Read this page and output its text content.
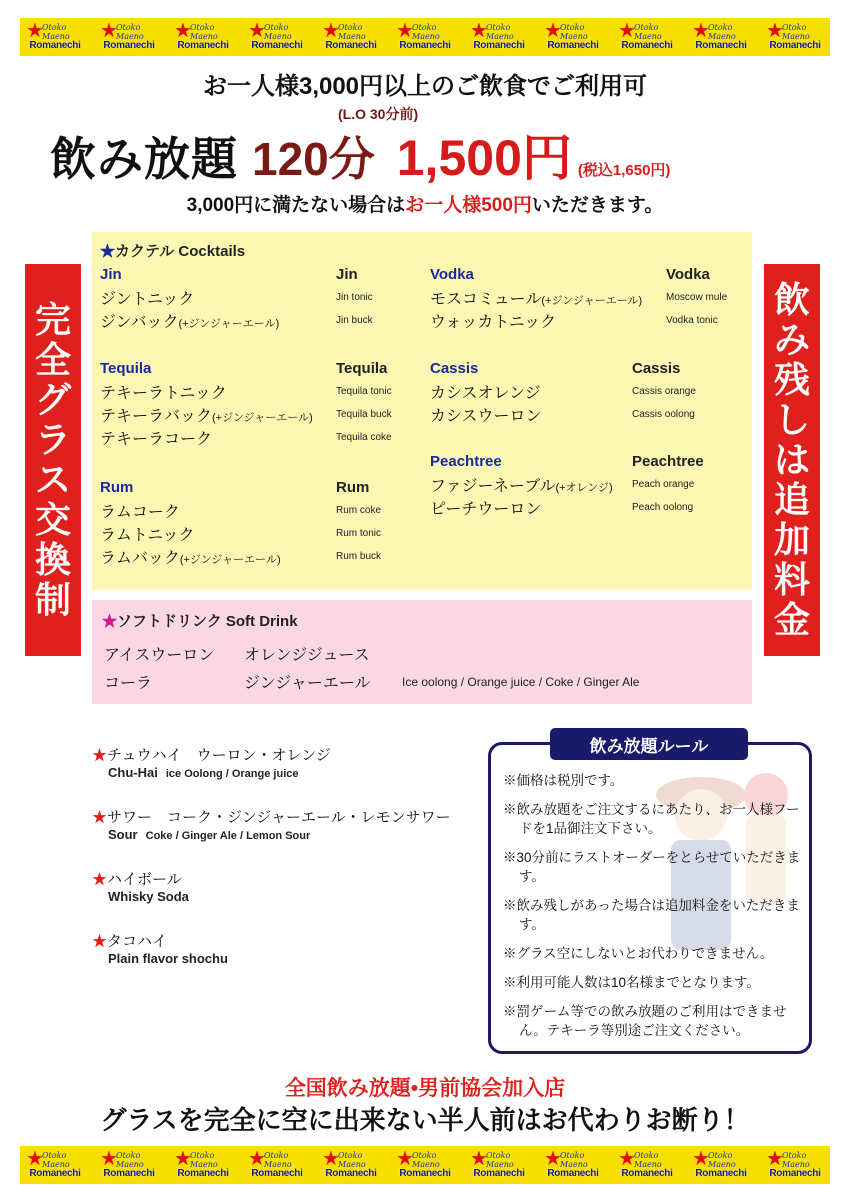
★
Otoko Maeno
Romanechi
★
Otoko Maeno
Romanechi
★
Otoko Maeno
Romanechi
★
Otoko Maeno
Romanechi
★
Otoko Maeno
Romanechi
★
Otoko Maeno
Romanechi
★
Otoko Maeno
Romanechi
★
Otoko Maeno
Romanechi
★
Otoko Maeno
Romanechi
★
Otoko Maeno
Romanechi
★
Otoko Maeno
Romanechi
お一人様3,000円以上のご飲食でご利用可
(L.O 30分前)
飲み放題 120分 1,500円 (税込1,650円)
3,000円に満たない場合はお一人様500円いただきます。
完
全
グ
ラ
ス
交
換
制
飲
み
残
し
は
追
加
料
金
★カクテル Cocktails
Jin
ジントニック
ジンバック(+ジンジャーエール)
Jin
Jin tonic
Jin buck
Vodka
モスコミュール(+ジンジャーエール)
ウォッカトニック
Vodka
Moscow mule
Vodka tonic
Tequila
テキーラトニック
テキーラバック(+ジンジャーエール)
テキーラコーク
Tequila
Tequila tonic
Tequila buck
Tequila coke
Cassis
カシスオレンジ
カシスウーロン
Cassis
Cassis orange
Cassis oolong
Peachtree
ファジーネーブル(+オレンジ)
ピーチウーロン
Peachtree
Peach orange
Peach oolong
Rum
ラムコーク
ラムトニック
ラムバック(+ジンジャーエール)
Rum
Rum coke
Rum tonic
Rum buck
★ソフトドリンク Soft Drink
アイスウーロン オレンジジュース
コーラ	ジンジャーエール	Ice oolong / Orange juice / Coke / Ginger Ale
★チュウハイ　ウーロン・オレンジ
Chu-Hai ice Oolong / Orange juice
★サワー　コーク・ジンジャーエール・レモンサワー
Sour Coke / Ginger Ale / Lemon Sour
★ハイボール
Whisky Soda
★タコハイ
Plain flavor shochu
※価格は税別です。
※飲み放題をご注文するにあたり、お一人様フードを1品御注文下さい。
※30分前にラストオーダーをとらせていただきます。
※飲み残しがあった場合は追加料金をいただきます。
※グラス空にしないとお代わりできません。
※利用可能人数は10名様までとなります。
※罰ゲーム等での飲み放題のご利用はできません。テキーラ等別途ご注文ください。
飲み放題ルール
全国飲み放題•男前協会加入店
グラスを完全に空に出来ない半人前はお代わりお断り！
★
Otoko Maeno
Romanechi
★
Otoko Maeno
Romanechi
★
Otoko Maeno
Romanechi
★
Otoko Maeno
Romanechi
★
Otoko Maeno
Romanechi
★
Otoko Maeno
Romanechi
★
Otoko Maeno
Romanechi
★
Otoko Maeno
Romanechi
★
Otoko Maeno
Romanechi
★
Otoko Maeno
Romanechi
★
Otoko Maeno
Romanechi
